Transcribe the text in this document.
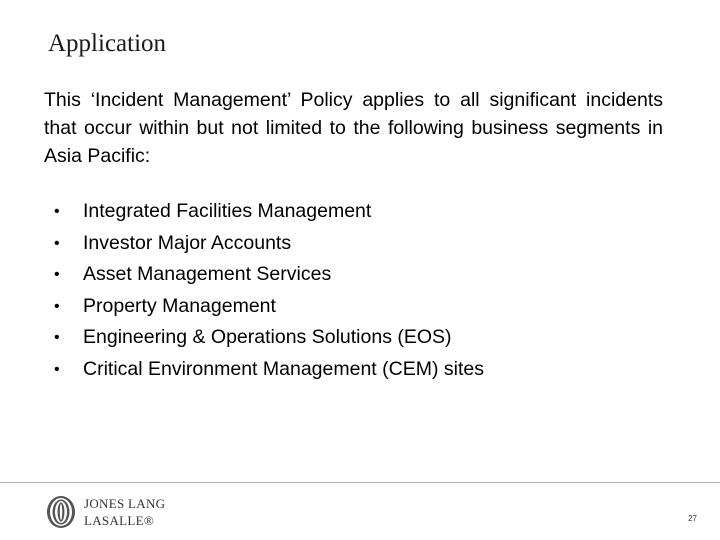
Application

This ‘Incident Management’ Policy applies to all significant incidents that occur within but not limited to the following business segments in Asia Pacific:

•	Integrated Facilities Management
•	Investor Major Accounts
•	Asset Management Services
•	Property Management
•	Engineering & Operations Solutions (EOS)
•	Critical Environment Management (CEM) sites
JONES LANG
LASALLE®	27
